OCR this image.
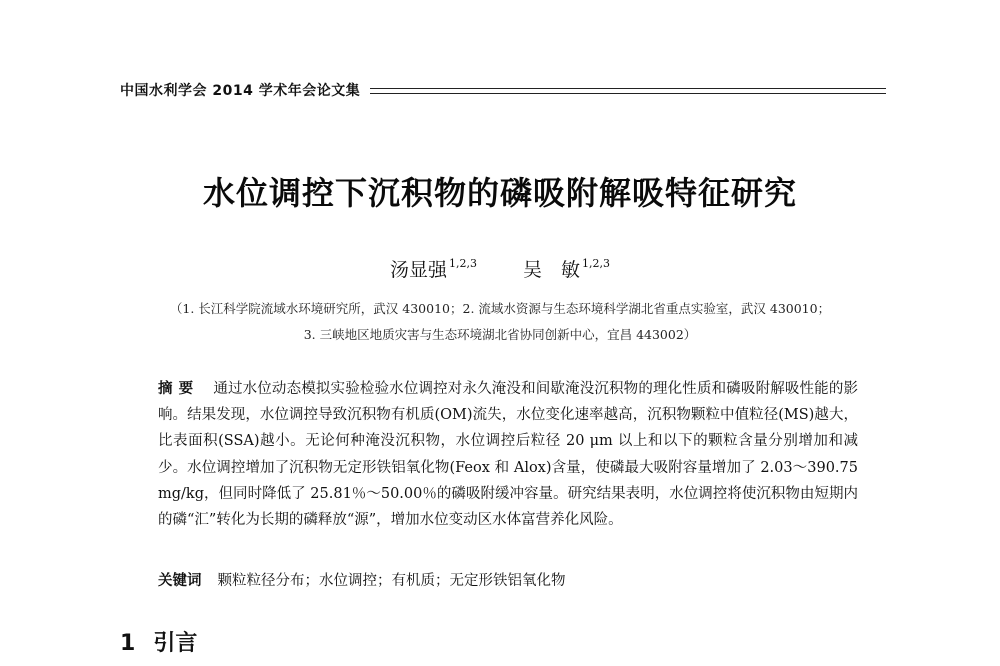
中国水利学会 2014 学术年会论文集
水位调控下沉积物的磷吸附解吸特征研究
汤显强 $^{1,2,3}$ 吴　敏 $^{1,2,3}$
（1. 长江科学院流域水环境研究所，武汉 430010；2. 流域水资源与生态环境科学湖北省重点实验室，武汉 430010；
3. 三峡地区地质灾害与生态环境湖北省协同创新中心，宜昌 443002）
摘要 通过水位动态模拟实验检验水位调控对永久淹没和间歇淹没沉积物的理化性质和磷吸附解吸性能的影响。结果发现，水位调控导致沉积物有机质(OM)流失，水位变化速率越高，沉积物颗粒中值粒径(MS)越大，比表面积(SSA)越小。无论何种淹没沉积物，水位调控后粒径 20 μm 以上和以下的颗粒含量分别增加和减少。水位调控增加了沉积物无定形铁铝氧化物(Feox 和 Alox)含量，使磷最大吸附容量增加了 2.03～390.75 mg/kg，但同时降低了 25.81％～50.00％的磷吸附缓冲容量。研究结果表明，水位调控将使沉积物由短期内的磷“汇”转化为长期的磷释放“源”，增加水位变动区水体富营养化风险。
关键词 颗粒粒径分布；水位调控；有机质；无定形铁铝氧化物
1 引言
